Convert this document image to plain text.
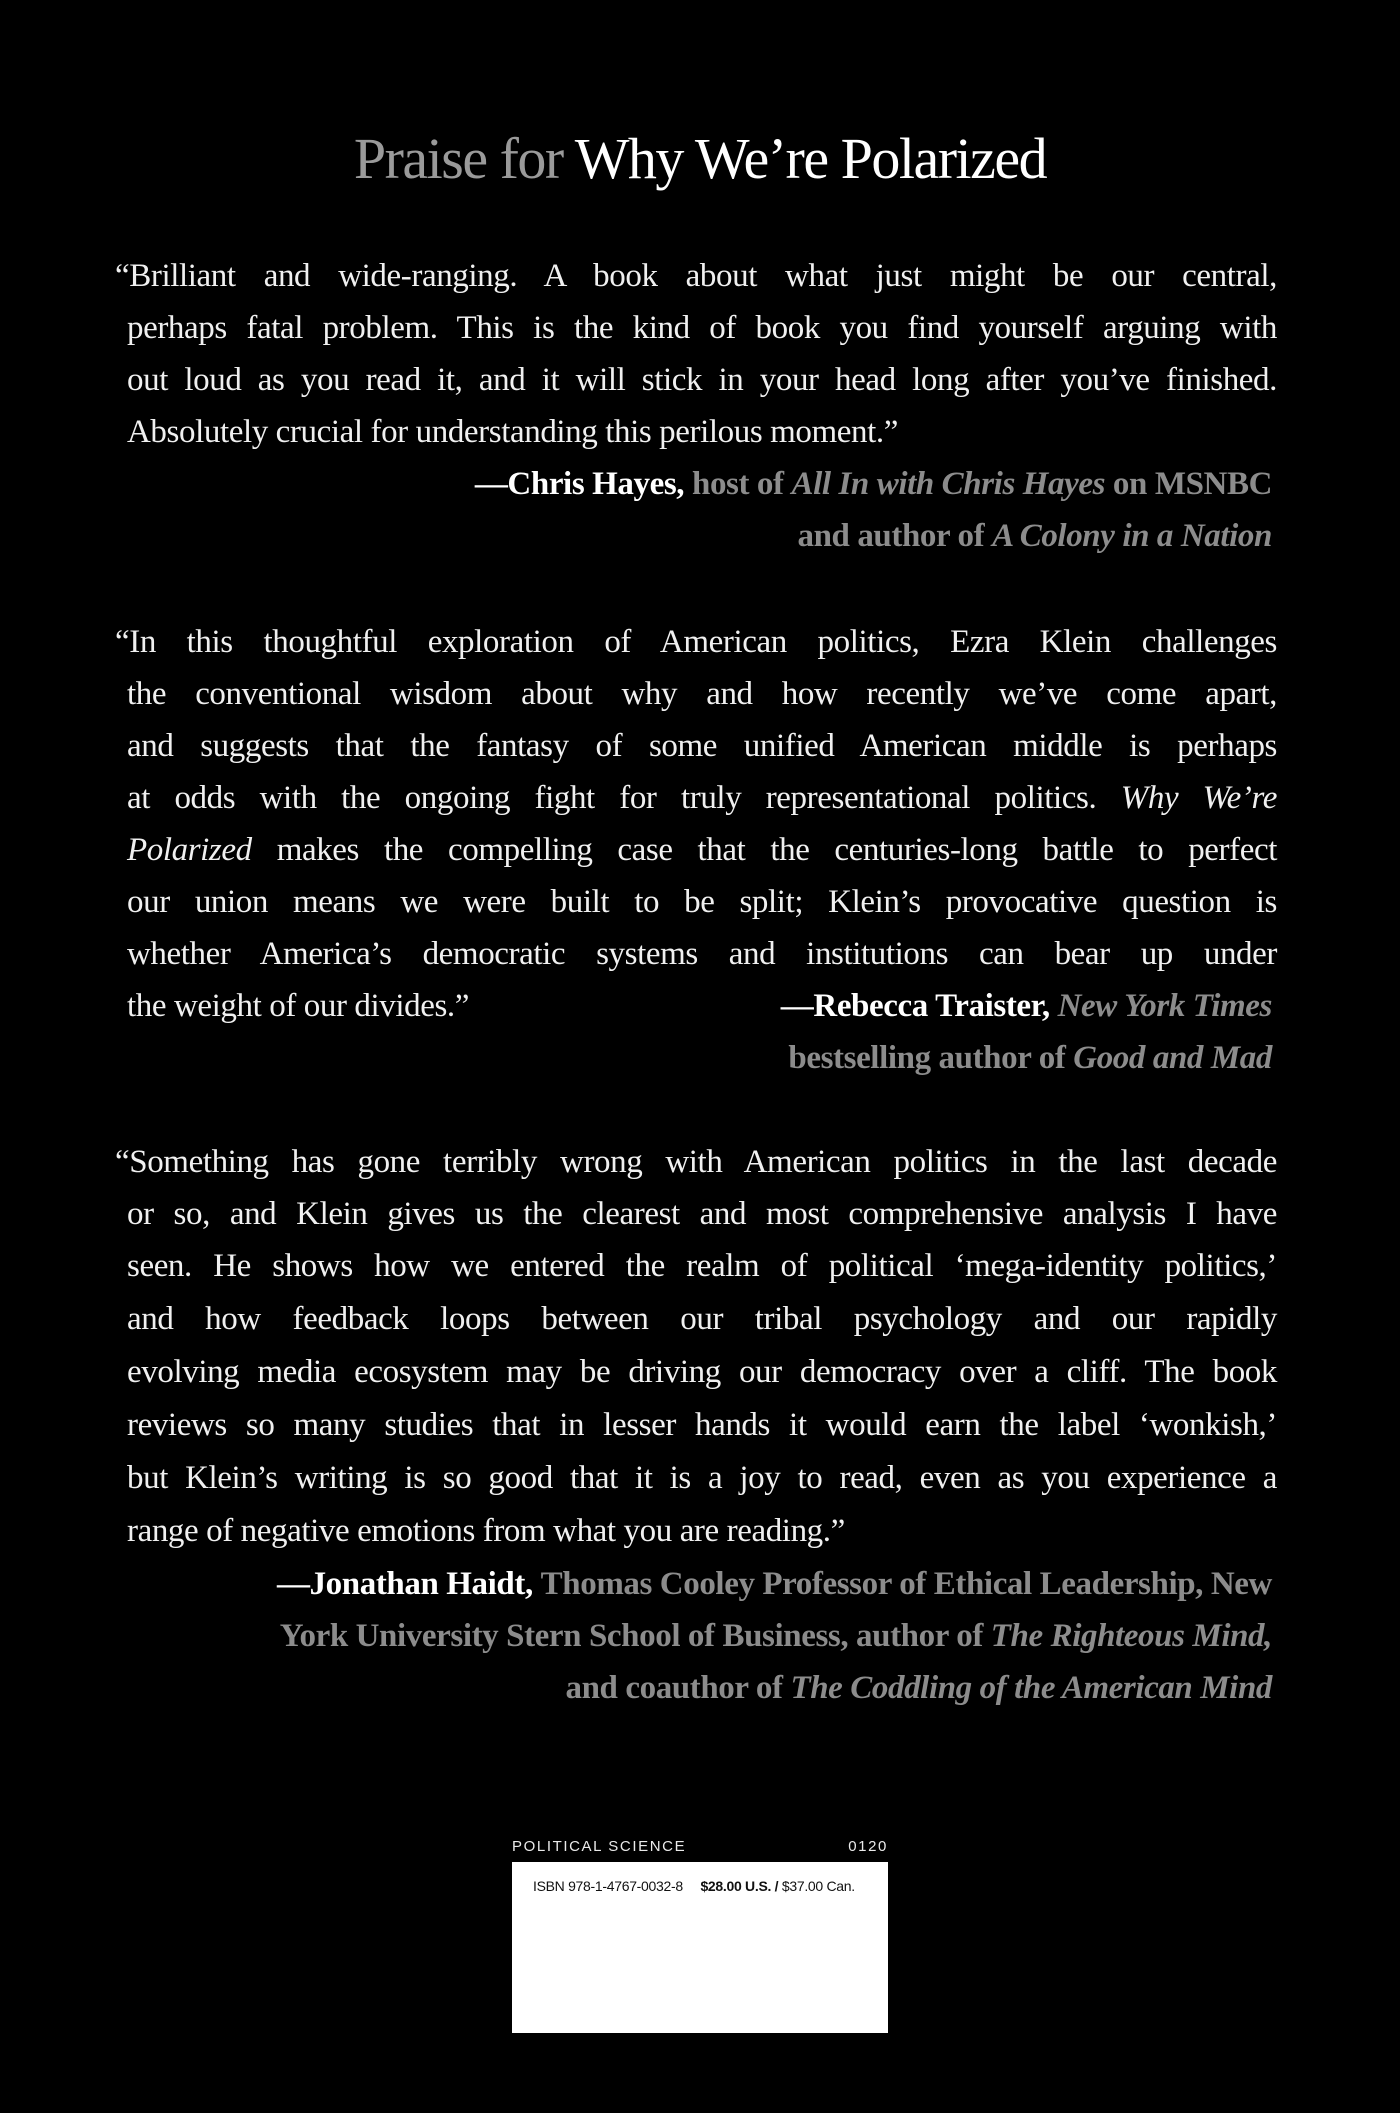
Praise for Why We’re Polarized
“Brilliant and wide-ranging. A book about what just might be our central,
perhaps fatal problem. This is the kind of book you find yourself arguing with
out loud as you read it, and it will stick in your head long after you’ve finished.
Absolutely crucial for understanding this perilous moment.”
—Chris Hayes, host of All In with Chris Hayes on MSNBC
and author of A Colony in a Nation
“In this thoughtful exploration of American politics, Ezra Klein challenges
the conventional wisdom about why and how recently we’ve come apart,
and suggests that the fantasy of some unified American middle is perhaps
at odds with the ongoing fight for truly representational politics. Why We’re
Polarized makes the compelling case that the centuries-long battle to perfect
our union means we were built to be split; Klein’s provocative question is
whether America’s democratic systems and institutions can bear up under
the weight of our divides.”	—Rebecca Traister, New York Times
bestselling author of Good and Mad
“Something has gone terribly wrong with American politics in the last decade
or so, and Klein gives us the clearest and most comprehensive analysis I have
seen. He shows how we entered the realm of political ‘mega-identity politics,’
and how feedback loops between our tribal psychology and our rapidly
evolving media ecosystem may be driving our democracy over a cliff. The book
reviews so many studies that in lesser hands it would earn the label ‘wonkish,’
but Klein’s writing is so good that it is a joy to read, even as you experience a
range of negative emotions from what you are reading.”
—Jonathan Haidt, Thomas Cooley Professor of Ethical Leadership, New
York University Stern School of Business, author of The Righteous Mind,
and coauthor of The Coddling of the American Mind
POLITICAL SCIENCE	0120
ISBN 978-1-4767-0032-8 $28.00 U.S. / $37.00 Can.
